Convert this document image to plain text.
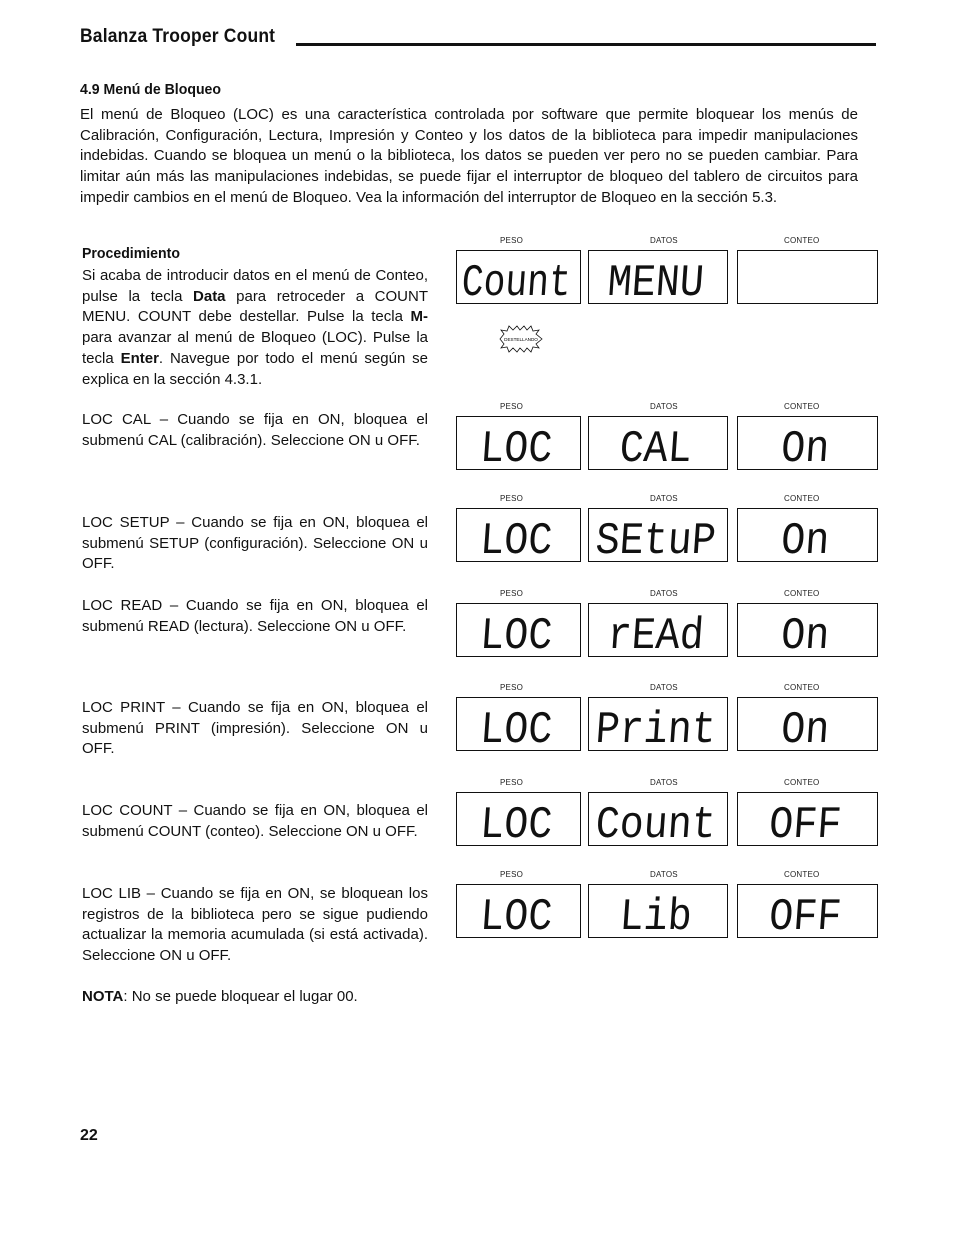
Balanza Trooper Count
4.9 Menú de Bloqueo
El menú de Bloqueo (LOC) es una característica controlada por software que permite bloquear los menús de Calibración, Configuración, Lectura, Impresión y Conteo y los datos de la biblioteca para impedir manipulaciones indebidas. Cuando se bloquea un menú o la biblioteca, los datos se pueden ver pero no se pueden cambiar. Para limitar aún más las manipulaciones indebidas, se puede fijar el interruptor de bloqueo del tablero de circuitos para impedir cambios en el menú de Bloqueo. Vea la información del interruptor de Bloqueo en la sección 5.3.
Procedimiento
Si acaba de introducir datos en el menú de Conteo, pulse la tecla Data para retroceder a COUNT MENU. COUNT debe destellar. Pulse la tecla M- para avanzar al menú de Bloqueo (LOC). Pulse la tecla Enter. Navegue por todo el menú según se explica en la sección 4.3.1.
LOC CAL – Cuando se fija en ON, bloquea el submenú CAL (calibración). Seleccione ON u OFF.
LOC SETUP – Cuando se fija en ON, bloquea el submenú SETUP (configuración). Seleccione ON u OFF.
LOC READ – Cuando se fija en ON, bloquea el submenú READ (lectura). Seleccione ON u OFF.
LOC PRINT – Cuando se fija en ON, bloquea el submenú PRINT (impresión). Seleccione ON u OFF.
LOC COUNT – Cuando se fija en ON, bloquea el submenú COUNT (conteo). Seleccione ON u OFF.
LOC LIB – Cuando se fija en ON, se bloquean los registros de la biblioteca pero se sigue pudiendo actualizar la memoria acumulada (si está activada). Seleccione ON u OFF.
NOTA: No se puede bloquear el lugar 00.
PESO
Count
DATOS
MENU
CONTEO
PESO
LOC
DATOS
CAL
CONTEO
On
PESO
LOC
DATOS
SEtuP
CONTEO
On
PESO
LOC
DATOS
rEAd
CONTEO
On
PESO
LOC
DATOS
Print
CONTEO
On
PESO
LOC
DATOS
Count
CONTEO
OFF
PESO
LOC
DATOS
Lib
CONTEO
OFF
DESTELLANDO
22
